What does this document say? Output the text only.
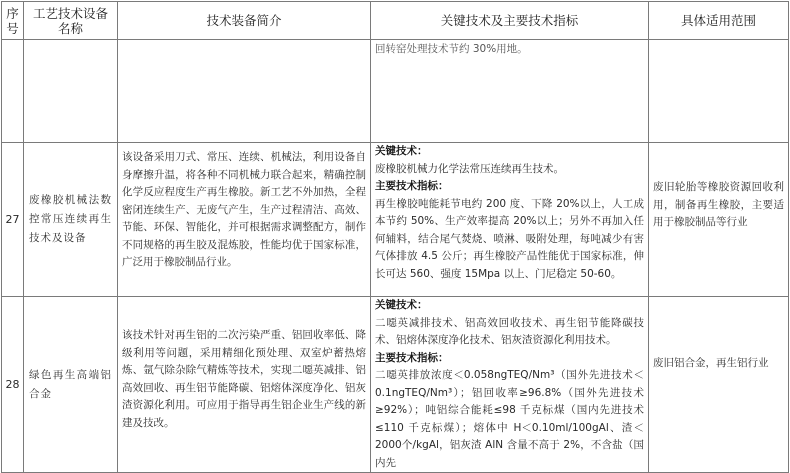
序
号	工艺技术设备
名称	技术装备简介	关键技术及主要技术指标	具体适用范围

			回转窑处理技术节约 30%用地。	

27	废橡胶机械法数控常压连续再生技术及设备	该设备采用刀式、常压、连续、机械法，利用设备自身摩擦升温，将各种不同机械力联合起来，精确控制化学反应程度生产再生橡胶。新工艺不外加热，全程密闭连续生产、无废气产生，生产过程清洁、高效、节能、环保、智能化，并可根据需求调整配方，制作不同规格的再生胶及混炼胶，性能均优于国家标准，广泛用于橡胶制品行业。	关键技术：
废橡胶机械力化学法常压连续再生技术。
主要技术指标：
再生橡胶吨能耗节电约 200 度、下降 20%以上，人工成本节约 50%、生产效率提高 20%以上；另外不再加入任何辅料，结合尾气焚烧、喷淋、吸附处理，每吨减少有害气体排放 4.5 公斤；再生橡胶产品性能优于国家标准，伸长可达 560、强度 15Mpa 以上、门尼稳定 50-60。	废旧轮胎等橡胶资源回收利用，制备再生橡胶，主要适用于橡胶制品等行业
28	绿色再生高端铝合金	该技术针对再生铝的二次污染严重、铝回收率低、降级利用等问题，采用精细化预处理、双室炉蓄热熔炼、氩气除杂除气精炼等技术，实现二噁英减排、铝高效回收、再生铝节能降碳、铝熔体深度净化、铝灰渣资源化利用。可应用于指导再生铝企业生产线的新建及技改。	关键技术：
二噁英减排技术、铝高效回收技术、再生铝节能降碳技术、铝熔体深度净化技术、铝灰渣资源化利用技术。
主要技术指标：
二噁英排放浓度＜0.058ngTEQ/Nm³（国外先进技术＜0.1ngTEQ/Nm³）；铝回收率≥96.8%（国外先进技术≥92%）；吨铝综合能耗≤98 千克标煤（国内先进技术≤110 千克标煤）；熔体中 H＜0.10ml/100gAl、渣＜2000个/kgAl，铝灰渣 AlN 含量不高于 2%，不含盐（国内先	废旧铝合金，再生铝行业
